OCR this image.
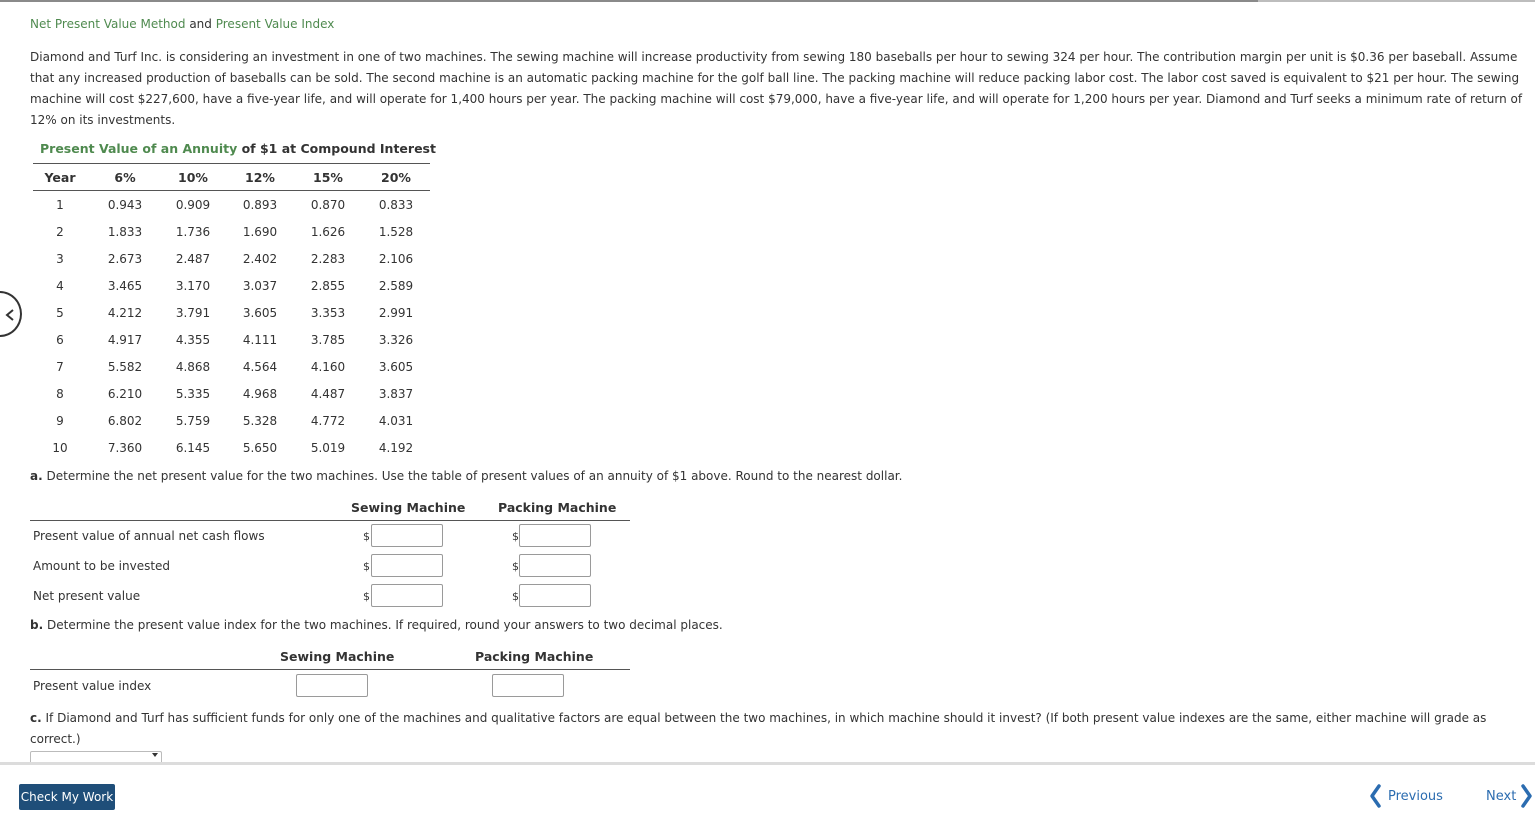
Net Present Value Method and Present Value Index
Diamond and Turf Inc. is considering an investment in one of two machines. The sewing machine will increase productivity from sewing 180 baseballs per hour to sewing 324 per hour. The contribution margin per unit is $0.36 per baseball. Assume that any increased production of baseballs can be sold. The second machine is an automatic packing machine for the golf ball line. The packing machine will reduce packing labor cost. The labor cost saved is equivalent to $21 per hour. The sewing machine will cost $227,600, have a five-year life, and will operate for 1,400 hours per year. The packing machine will cost $79,000, have a five-year life, and will operate for 1,200 hours per year. Diamond and Turf seeks a minimum rate of return of 12% on its investments.
Present Value of an Annuity of $1 at Compound Interest
Year	6%	10%	12%	15%	20%
1	0.943	0.909	0.893	0.870	0.833
2	1.833	1.736	1.690	1.626	1.528
3	2.673	2.487	2.402	2.283	2.106
4	3.465	3.170	3.037	2.855	2.589
5	4.212	3.791	3.605	3.353	2.991
6	4.917	4.355	4.111	3.785	3.326
7	5.582	4.868	4.564	4.160	3.605
8	6.210	5.335	4.968	4.487	3.837
9	6.802	5.759	5.328	4.772	4.031
10	7.360	6.145	5.650	5.019	4.192
a. Determine the net present value for the two machines. Use the table of present values of an annuity of $1 above. Round to the nearest dollar.
Sewing Machine	Packing Machine
Present value of annual net cash flows	$	$
Amount to be invested	$	$
Net present value	$	$
b. Determine the present value index for the two machines. If required, round your answers to two decimal places.
Sewing Machine	Packing Machine
Present value index
c. If Diamond and Turf has sufficient funds for only one of the machines and qualitative factors are equal between the two machines, in which machine should it invest? (If both present value indexes are the same, either machine will grade as correct.)
Check My Work	Previous	Next
